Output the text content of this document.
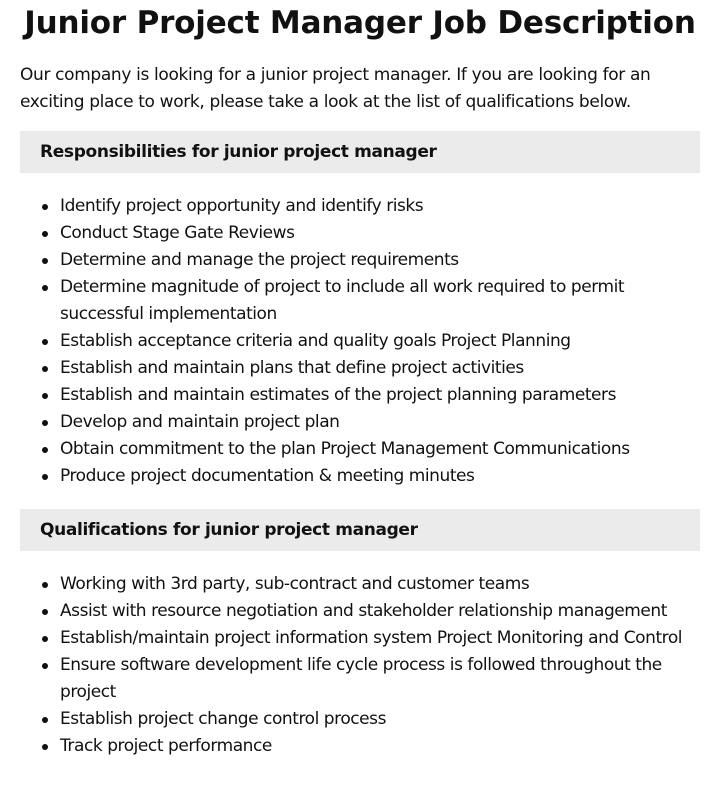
Junior Project Manager Job Description

Our company is looking for a junior project manager. If you are looking for an exciting place to work, please take a look at the list of qualifications below.

Responsibilities for junior project manager
Identify project opportunity and identify risks
Conduct Stage Gate Reviews
Determine and manage the project requirements
Determine magnitude of project to include all work required to permit successful implementation
Establish acceptance criteria and quality goals Project Planning
Establish and maintain plans that define project activities
Establish and maintain estimates of the project planning parameters
Develop and maintain project plan
Obtain commitment to the plan Project Management Communications
Produce project documentation & meeting minutes
Qualifications for junior project manager
Working with 3rd party, sub-contract and customer teams
Assist with resource negotiation and stakeholder relationship management
Establish/maintain project information system Project Monitoring and Control
Ensure software development life cycle process is followed throughout the project
Establish project change control process
Track project performance
